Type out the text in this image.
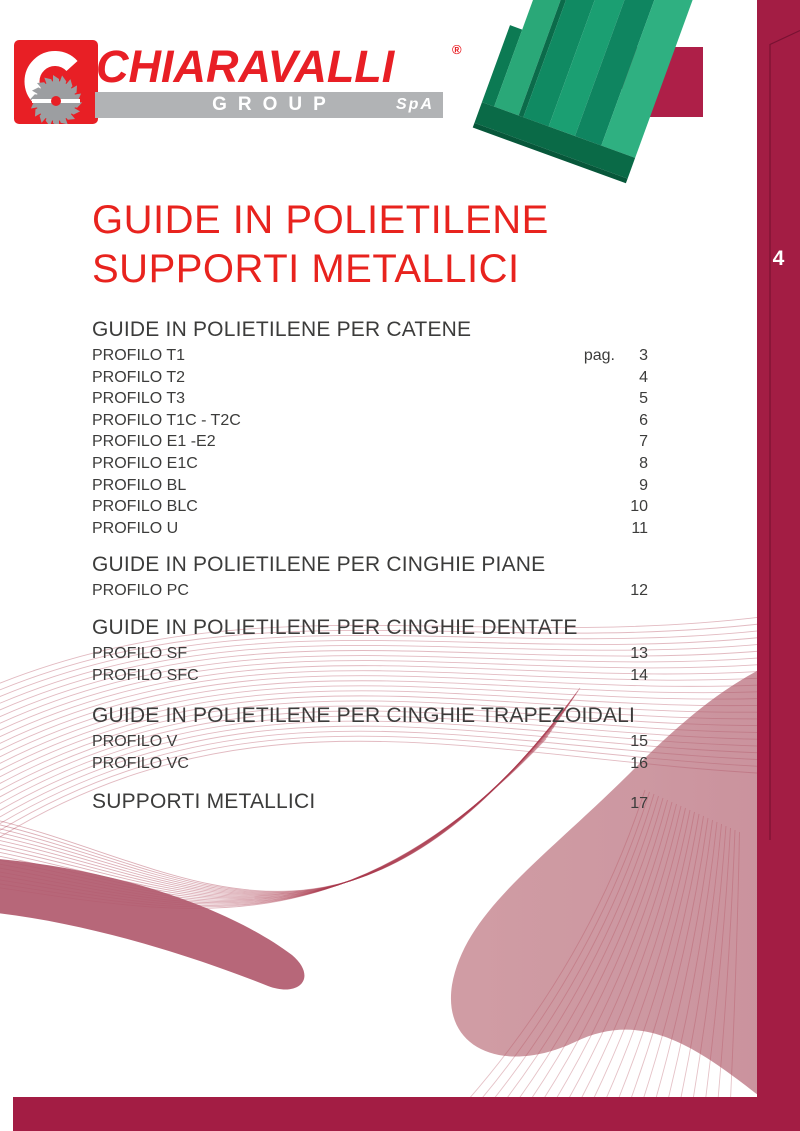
CHIARAVALLI	®
GROUP	SpA
4
GUIDE IN POLIETILENE
SUPPORTI METALLICI
GUIDE IN POLIETILENE PER CATENE
PROFILO T1	pag.	3
PROFILO T2	4
PROFILO T3	5
PROFILO T1C - T2C	6
PROFILO E1 -E2	7
PROFILO E1C	8
PROFILO BL	9
PROFILO BLC	10
PROFILO U	11
GUIDE IN POLIETILENE PER CINGHIE PIANE
PROFILO PC	12
GUIDE IN POLIETILENE PER CINGHIE DENTATE
PROFILO SF	13
PROFILO SFC	14
GUIDE IN POLIETILENE PER CINGHIE TRAPEZOIDALI
PROFILO V	15
PROFILO VC	16
SUPPORTI METALLICI	17
